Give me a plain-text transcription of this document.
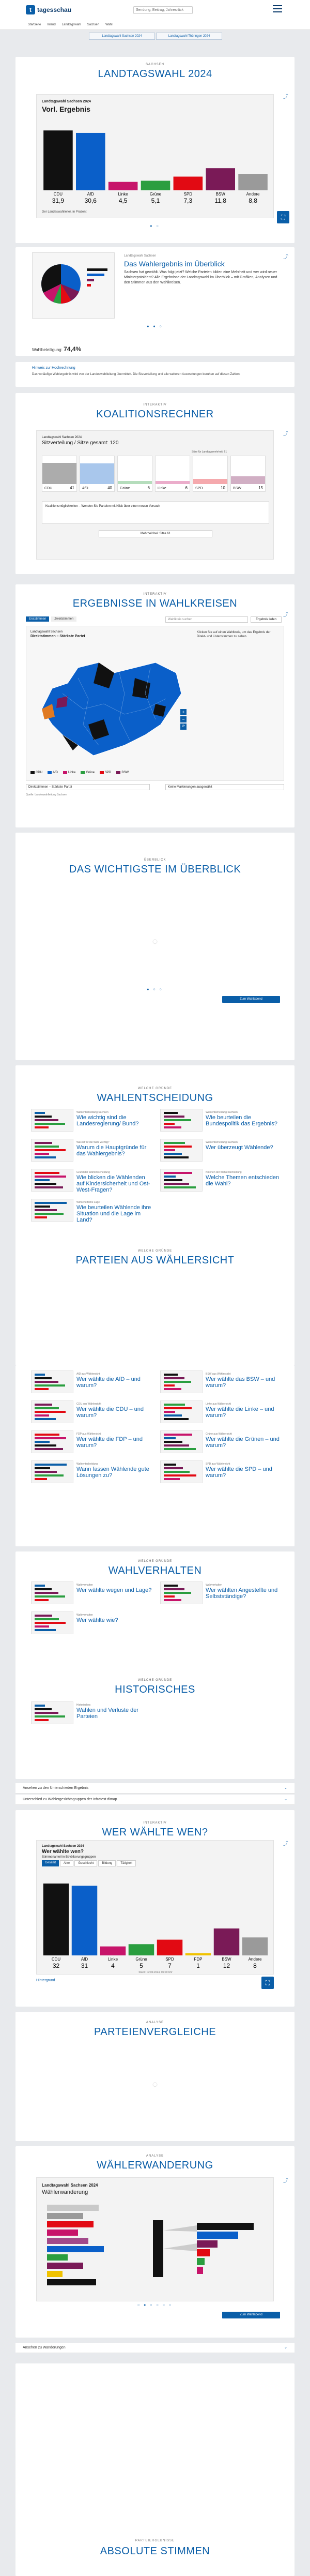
t tagesschau	Sendung, Beitrag, Jahresrück
Startseite Inland Landtagswahl Sachsen Wahl
Landtagswahl Sachsen 2024	Landtagswahl Thüringen 2024
SACHSEN
LANDTAGSWAHL 2024
⤴
Landtagswahl Sachsen 2024
Vorl. Ergebnis
CDU
31,9
AfD
30,6
Linke
4,5
Grüne
5,1
SPD
7,3
BSW
11,8
Andere
8,8
Der Landeswahlleiter, in Prozent
⛶
● ○
⤴
Landtagswahl Sachsen
Das Wahlergebnis im Überblick
Sachsen hat gewählt. Was folgt jetzt? Welche Parteien bilden eine Mehrheit und wer wird neuer Ministerpräsident? Alle Ergebnisse der Landtagswahl im Überblick – mit Grafiken, Analysen und den Stimmen aus den Wahlkreisen.
● ● ○
Wahlbeteiligung: 74,4%
Hinweis zur Hochrechnung
Das vorläufige Wahlergebnis wird von der Landeswahlleitung übermittelt. Die Sitzverteilung und alle weiteren Auswertungen beruhen auf diesen Zahlen.
INTERAKTIV
KOALITIONSRECHNER
⤴
Landtagswahl Sachsen 2024
Sitzverteilung / Sitze gesamt: 120
Sitze für Landtagsmehrheit: 61
CDU	41 AfD	40 Grüne	6 Linke	6 SPD	10 BSW	15
Koalitionsmöglichkeiten – Wenden Sie Parteien mit Klick über einen neuen Versuch
Mehrheit bei: Sitze 61
INTERAKTIV
ERGEBNISSE IN WAHLKREISEN
⤴
Erststimmen	Zweitstimmen	Wahlkreis suchen	Ergebnis laden
Landtagswahl Sachsen
Direktstimmen – Stärkste Partei
Klicken Sie auf einen Wahlkreis, um das Ergebnis der Direkt- und Listenstimmen zu sehen.
+
−
⟳
CDU	AfD	Linke	Grüne	SPD	BSW
Direktstimmen – Stärkste Partei	Keine Markierungen ausgewählt
Quelle: Landeswahlleitung Sachsen
ÜBERBLICK
DAS WICHTIGSTE IM ÜBERBLICK
◌
● ○ ○
Zum Wahlabend
WELCHE GRÜNDE
WAHLENTSCHEIDUNG
Wahlentscheidung Sachsen
Wie wichtig sind die Landesregierung/ Bund?
Wahlentscheidung Sachsen
Wie beurteilen die Bundespolitik das Ergebnis?
Was ist für die Wahl wichtig?
Warum die Hauptgründe für das Wahlergebnis?
Wahlentscheidung Sachsen
Wer überzeugt Wählende?
Grund der Wahlentscheidung
Wie blicken die Wählenden auf Kindersicherheit und Ost-West-Fragen?
Kriterien der Wahlentscheidung
Welche Themen entschieden die Wahl?
Wirtschaftliche Lage
Wie beurteilen Wählende ihre Situation und die Lage im Land?
WELCHE GRÜNDE
PARTEIEN AUS WÄHLERSICHT
AfD aus Wählersicht
Wer wählte die AfD – und warum?
BSW aus Wählersicht
Wer wählte das BSW – und warum?
CDU aus Wählersicht
Wer wählte die CDU – und warum?
Linke aus Wählersicht
Wer wählte die Linke – und warum?
FDP aus Wählersicht
Wer wählte die FDP – und warum?
Grüne aus Wählersicht
Wer wählte die Grünen – und warum?
Wahlentscheidung
Wann fassen Wählende gute Lösungen zu?
SPD aus Wählersicht
Wer wählte die SPD – und warum?
WELCHE GRÜNDE
WAHLVERHALTEN
Wahlverhalten
Wer wählte wegen und Lage?
Wahlverhalten
Wer wählten Angestellte und Selbstständige?
Wahlverhalten
Wer wählte wie?
WELCHE GRÜNDE
HISTORISCHES
Historisches
Wahlen und Verluste der Parteien
Ansehen zu den Unterschieden Ergebnis	⌄
Unterschied zu Wählergesichtsgruppen der Infratest dimap	⌄
INTERAKTIV
WER WÄHLTE WEN?
⤴
Landtagswahl Sachsen 2024
Wer wählte wen?
Stimmenanteil in Bevölkerungsgruppen
Gesamt	Alter	Geschlecht	Bildung	Tätigkeit
CDU
32
AfD
31
Linke
4
Grüne
5
SPD
7
FDP
1
BSW
12
Andere
8
Stand: 02.09.2024, 06:00 Uhr
Hintergrund	⛶
ANALYSE
PARTEIENVERGLEICHE
◌
ANALYSE
WÄHLERWANDERUNG
⤴
Landtagswahl Sachsen 2024
Wählerwanderung
○ ● ○ ○ ○ ○
Zum Wahlabend
Ansehen zu Wanderungen	⌄
PARTEIERGEBNISSE
ABSOLUTE STIMMEN
